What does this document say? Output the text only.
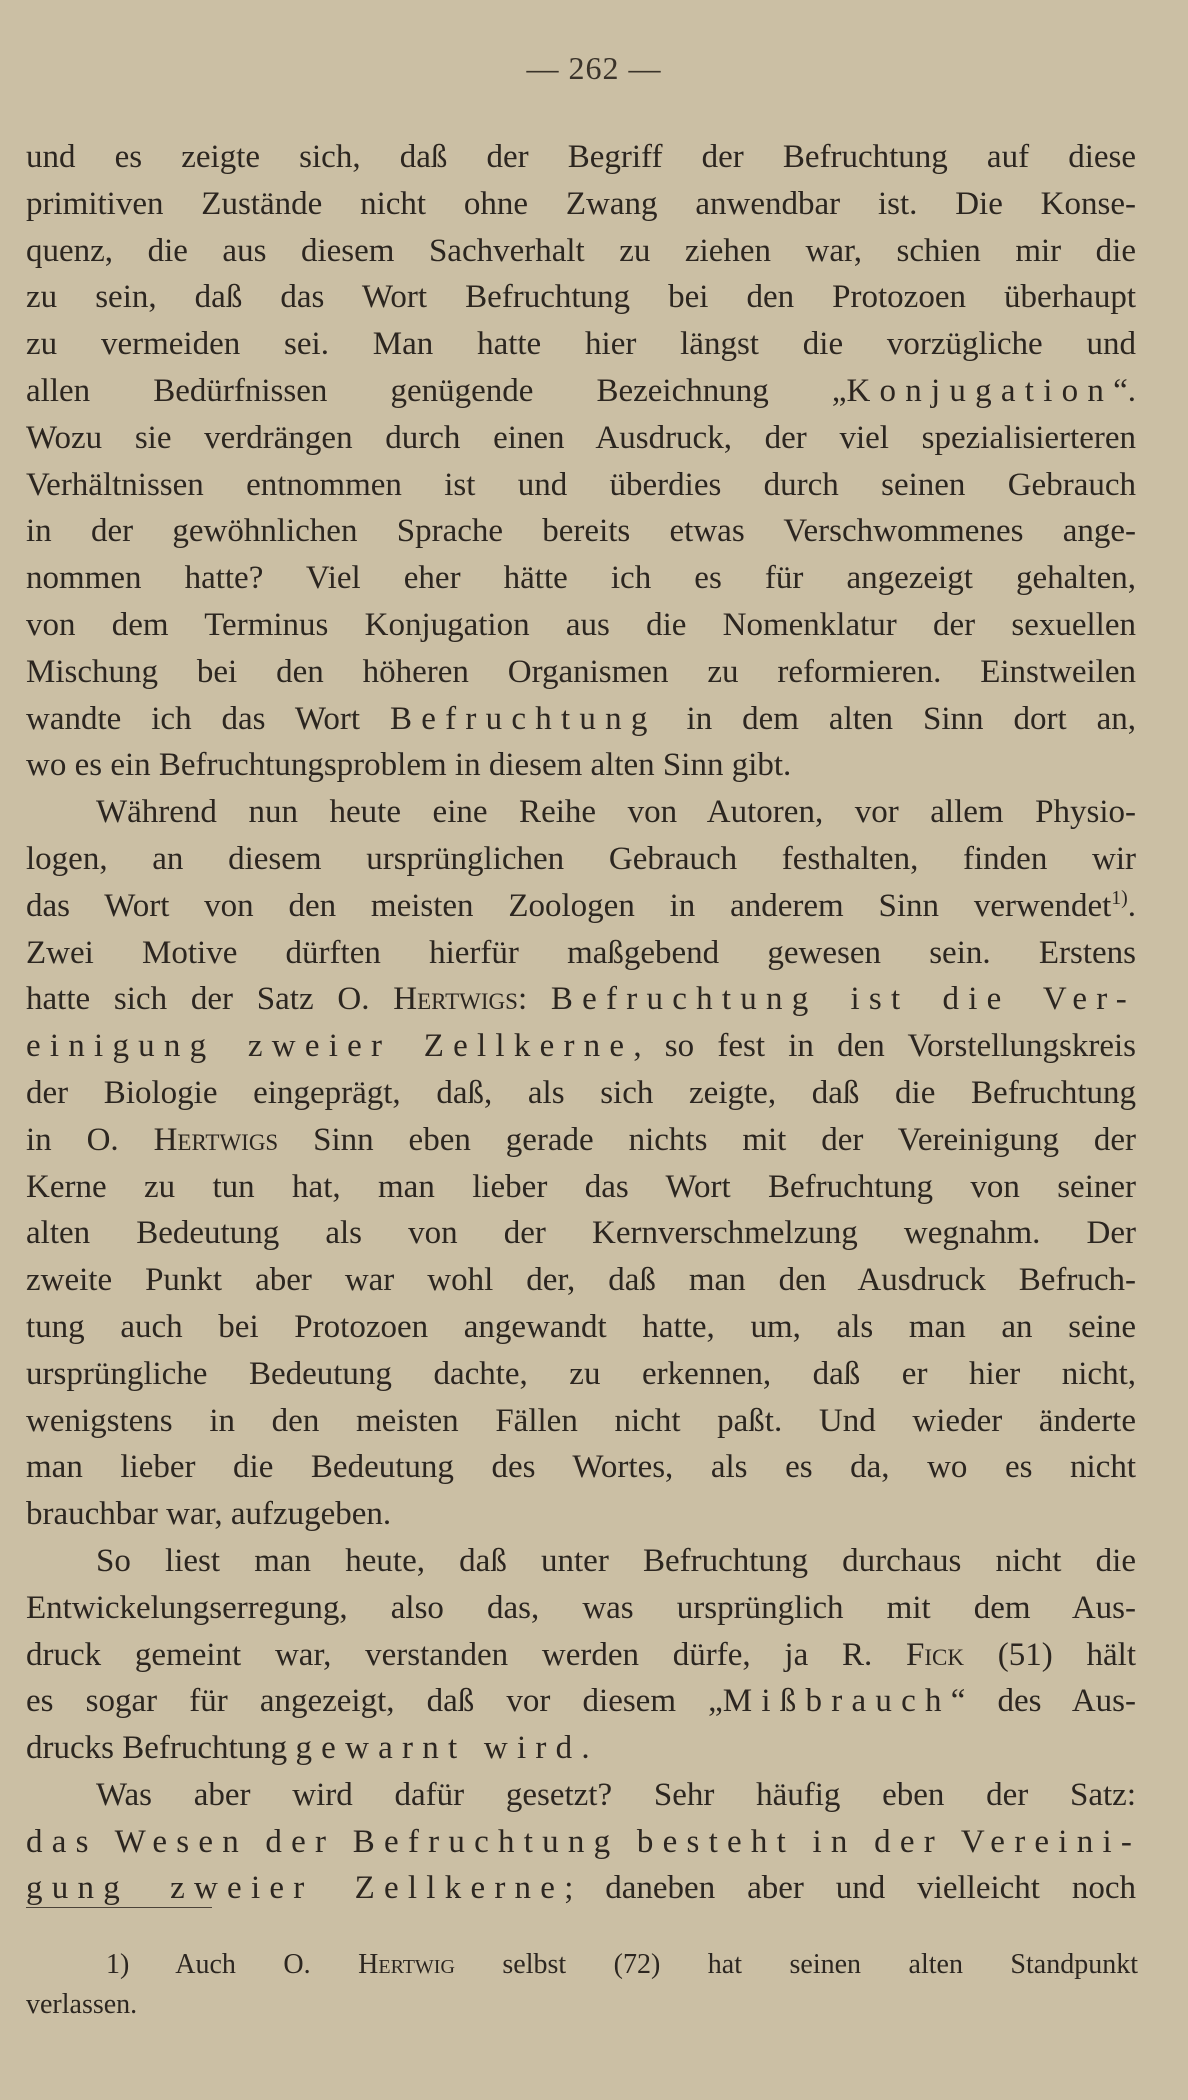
— 262 —
und es zeigte sich, daß der Begriff der Befruchtung auf diese
primitiven Zustände nicht ohne Zwang anwendbar ist. Die Konse-
quenz, die aus diesem Sachverhalt zu ziehen war, schien mir die
zu sein, daß das Wort Befruchtung bei den Protozoen überhaupt
zu vermeiden sei. Man hatte hier längst die vorzügliche und
allen Bedürfnissen genügende Bezeichnung „Konjugation“.
Wozu sie verdrängen durch einen Ausdruck, der viel spezialisierteren
Verhältnissen entnommen ist und überdies durch seinen Gebrauch
in der gewöhnlichen Sprache bereits etwas Verschwommenes ange-
nommen hatte? Viel eher hätte ich es für angezeigt gehalten,
von dem Terminus Konjugation aus die Nomenklatur der sexuellen
Mischung bei den höheren Organismen zu reformieren. Einstweilen
wandte ich das Wort Befruchtung in dem alten Sinn dort an,
wo es ein Befruchtungsproblem in diesem alten Sinn gibt.
Während nun heute eine Reihe von Autoren, vor allem Physio-
logen, an diesem ursprünglichen Gebrauch festhalten, finden wir
das Wort von den meisten Zoologen in anderem Sinn verwendet$^{1)}$.
Zwei Motive dürften hierfür maßgebend gewesen sein. Erstens
hatte sich der Satz O. Hertwigs: Befruchtung ist die Ver-
einigung zweier Zellkerne, so fest in den Vorstellungskreis
der Biologie eingeprägt, daß, als sich zeigte, daß die Befruchtung
in O. Hertwigs Sinn eben gerade nichts mit der Vereinigung der
Kerne zu tun hat, man lieber das Wort Befruchtung von seiner
alten Bedeutung als von der Kernverschmelzung wegnahm. Der
zweite Punkt aber war wohl der, daß man den Ausdruck Befruch-
tung auch bei Protozoen angewandt hatte, um, als man an seine
ursprüngliche Bedeutung dachte, zu erkennen, daß er hier nicht,
wenigstens in den meisten Fällen nicht paßt. Und wieder änderte
man lieber die Bedeutung des Wortes, als es da, wo es nicht
brauchbar war, aufzugeben.
So liest man heute, daß unter Befruchtung durchaus nicht die
Entwickelungserregung, also das, was ursprünglich mit dem Aus-
druck gemeint war, verstanden werden dürfe, ja R. Fick (51) hält
es sogar für angezeigt, daß vor diesem „Mißbrauch“ des Aus-
drucks Befruchtung gewarnt wird.
Was aber wird dafür gesetzt? Sehr häufig eben der Satz:
das Wesen der Befruchtung besteht in der Vereini-
gung zweier Zellkerne; daneben aber und vielleicht noch
1) Auch O. Hertwig selbst (72) hat seinen alten Standpunkt
verlassen.
